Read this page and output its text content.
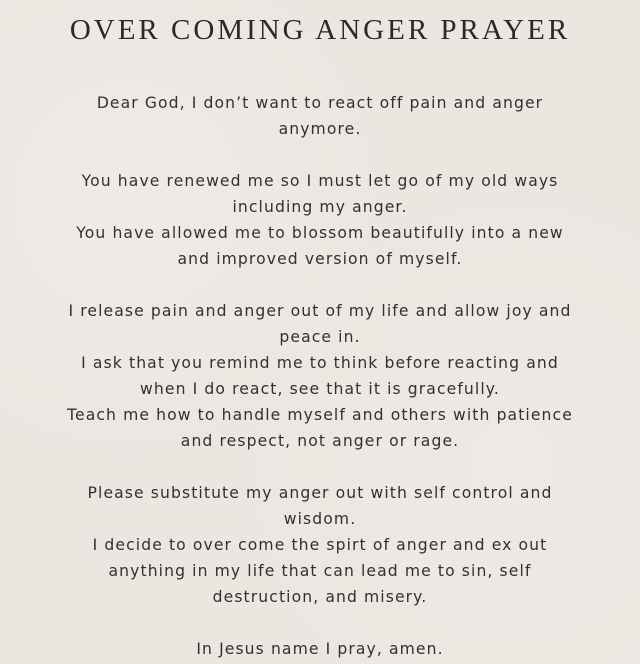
OVER COMING ANGER PRAYER
Dear God, I don’t want to react off pain and anger
anymore.
You have renewed me so I must let go of my old ways
including my anger.
You have allowed me to blossom beautifully into a new
and improved version of myself.
I release pain and anger out of my life and allow joy and
peace in.
I ask that you remind me to think before reacting and
when I do react, see that it is gracefully.
Teach me how to handle myself and others with patience
and respect, not anger or rage.
Please substitute my anger out with self control and
wisdom.
I decide to over come the spirt of anger and ex out
anything in my life that can lead me to sin, self
destruction, and misery.
In Jesus name I pray, amen.
